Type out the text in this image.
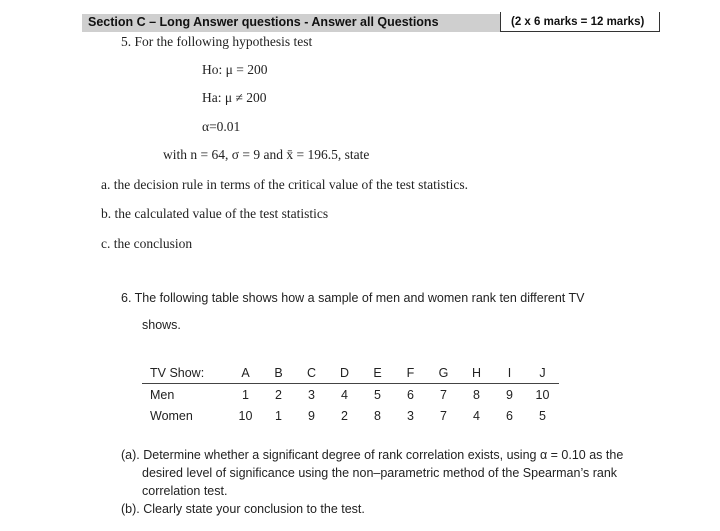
Section C – Long Answer questions - Answer all Questions	(2 x 6 marks = 12 marks)
5. For the following hypothesis test
Ho: μ = 200
Ha: μ ≠ 200
α=0.01
with n = 64, σ = 9 and x̄ = 196.5, state
a. the decision rule in terms of the critical value of the test statistics.
b. the calculated value of the test statistics
c. the conclusion
6. The following table shows how a sample of men and women rank ten different TV
shows.
TV Show:	A	B	C	D	E	F	G	H	I	J
Men	1	2	3	4	5	6	7	8	9	10
Women	10	1	9	2	8	3	7	4	6	5
(a). Determine whether a significant degree of rank correlation exists, using α = 0.10 as the
desired level of significance using the non–parametric method of the Spearman’s rank
correlation test.
(b). Clearly state your conclusion to the test.
